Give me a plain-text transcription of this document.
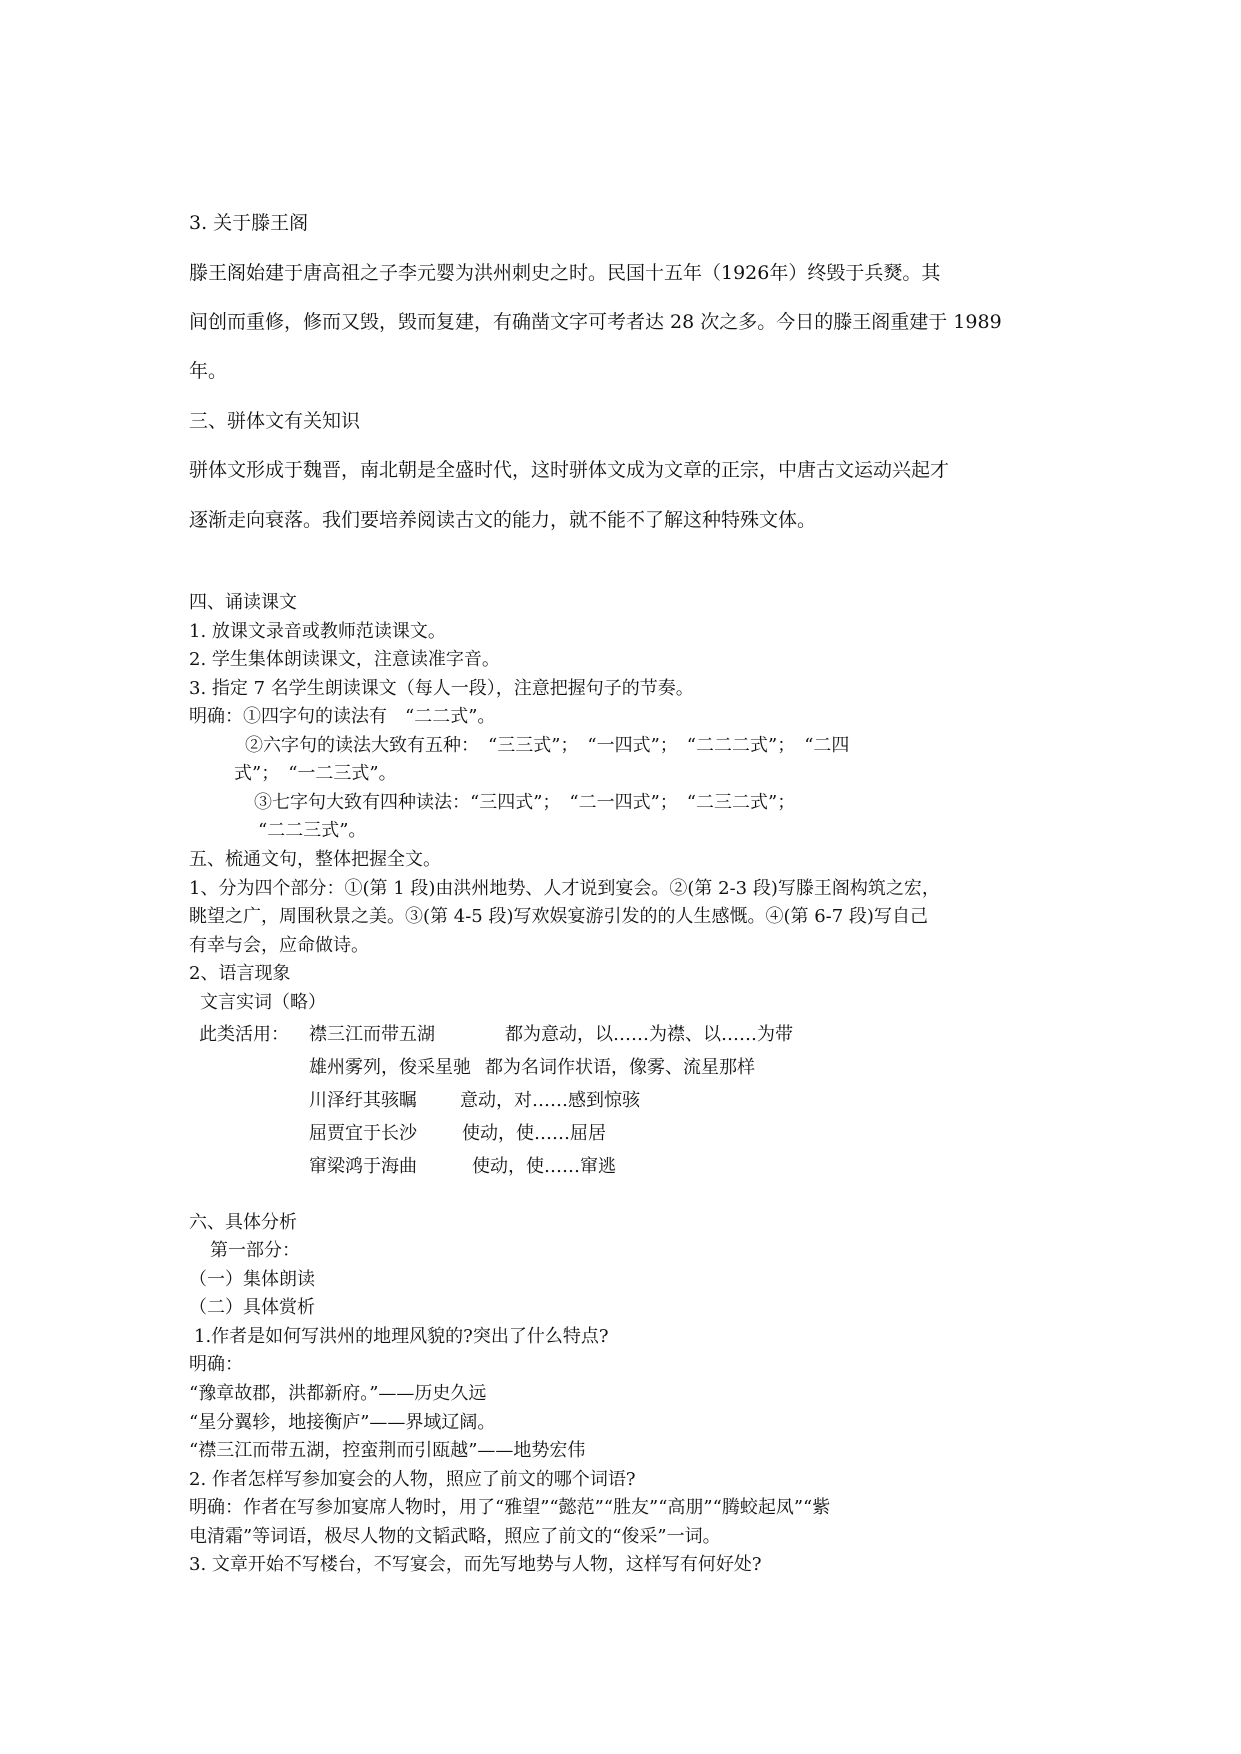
3. 关于滕王阁
滕王阁始建于唐高祖之子李元婴为洪州刺史之时。民国十五年（1926年）终毁于兵燹。其
间创而重修，修而又毁，毁而复建，有确凿文字可考者达 28 次之多。今日的滕王阁重建于 1989
年。
三、骈体文有关知识
骈体文形成于魏晋，南北朝是全盛时代，这时骈体文成为文章的正宗，中唐古文运动兴起才
逐渐走向衰落。我们要培养阅读古文的能力，就不能不了解这种特殊文体。
四、诵读课文
1. 放课文录音或教师范读课文。
2. 学生集体朗读课文，注意读准字音。
3. 指定 7 名学生朗读课文（每人一段），注意把握句子的节奏。
明确：①四字句的读法有　“二二式”。
②六字句的读法大致有五种：　“三三式”；　“一四式”；　“二二二式”；　“二四
式”；　“一二三式”。
③七字句大致有四种读法：“三四式”；　“二一四式”；　“二三二式”；
“二二三式”。
五、梳通文句，整体把握全文。
1、分为四个部分：①(第 1 段)由洪州地势、人才说到宴会。②(第 2-3 段)写滕王阁构筑之宏，
眺望之广，周围秋景之美。③(第 4-5 段)写欢娱宴游引发的的人生感慨。④(第 6-7 段)写自己
有幸与会，应命做诗。
2、语言现象
文言实词（略）
此类活用： 襟三江而带五湖	都为意动，以……为襟、以……为带
雄州雾列，俊采星驰 都为名词作状语，像雾、流星那样
川泽纡其骇瞩 意动，对……感到惊骇
屈贾宜于长沙	使动，使……屈居
窜梁鸿于海曲	使动，使……窜逃
六、具体分析
第一部分：
（一）集体朗读
（二）具体赏析
1.作者是如何写洪州的地理风貌的?突出了什么特点?
明确：
“豫章故郡，洪都新府。”——历史久远
“星分翼轸，地接衡庐”——界域辽阔。
“襟三江而带五湖，控蛮荆而引瓯越”——地势宏伟
2. 作者怎样写参加宴会的人物，照应了前文的哪个词语?
明确：作者在写参加宴席人物时，用了“雅望”“懿范”“胜友”“高朋”“腾蛟起凤”“紫
电清霜”等词语，极尽人物的文韬武略，照应了前文的“俊采”一词。
3. 文章开始不写楼台，不写宴会，而先写地势与人物，这样写有何好处?
